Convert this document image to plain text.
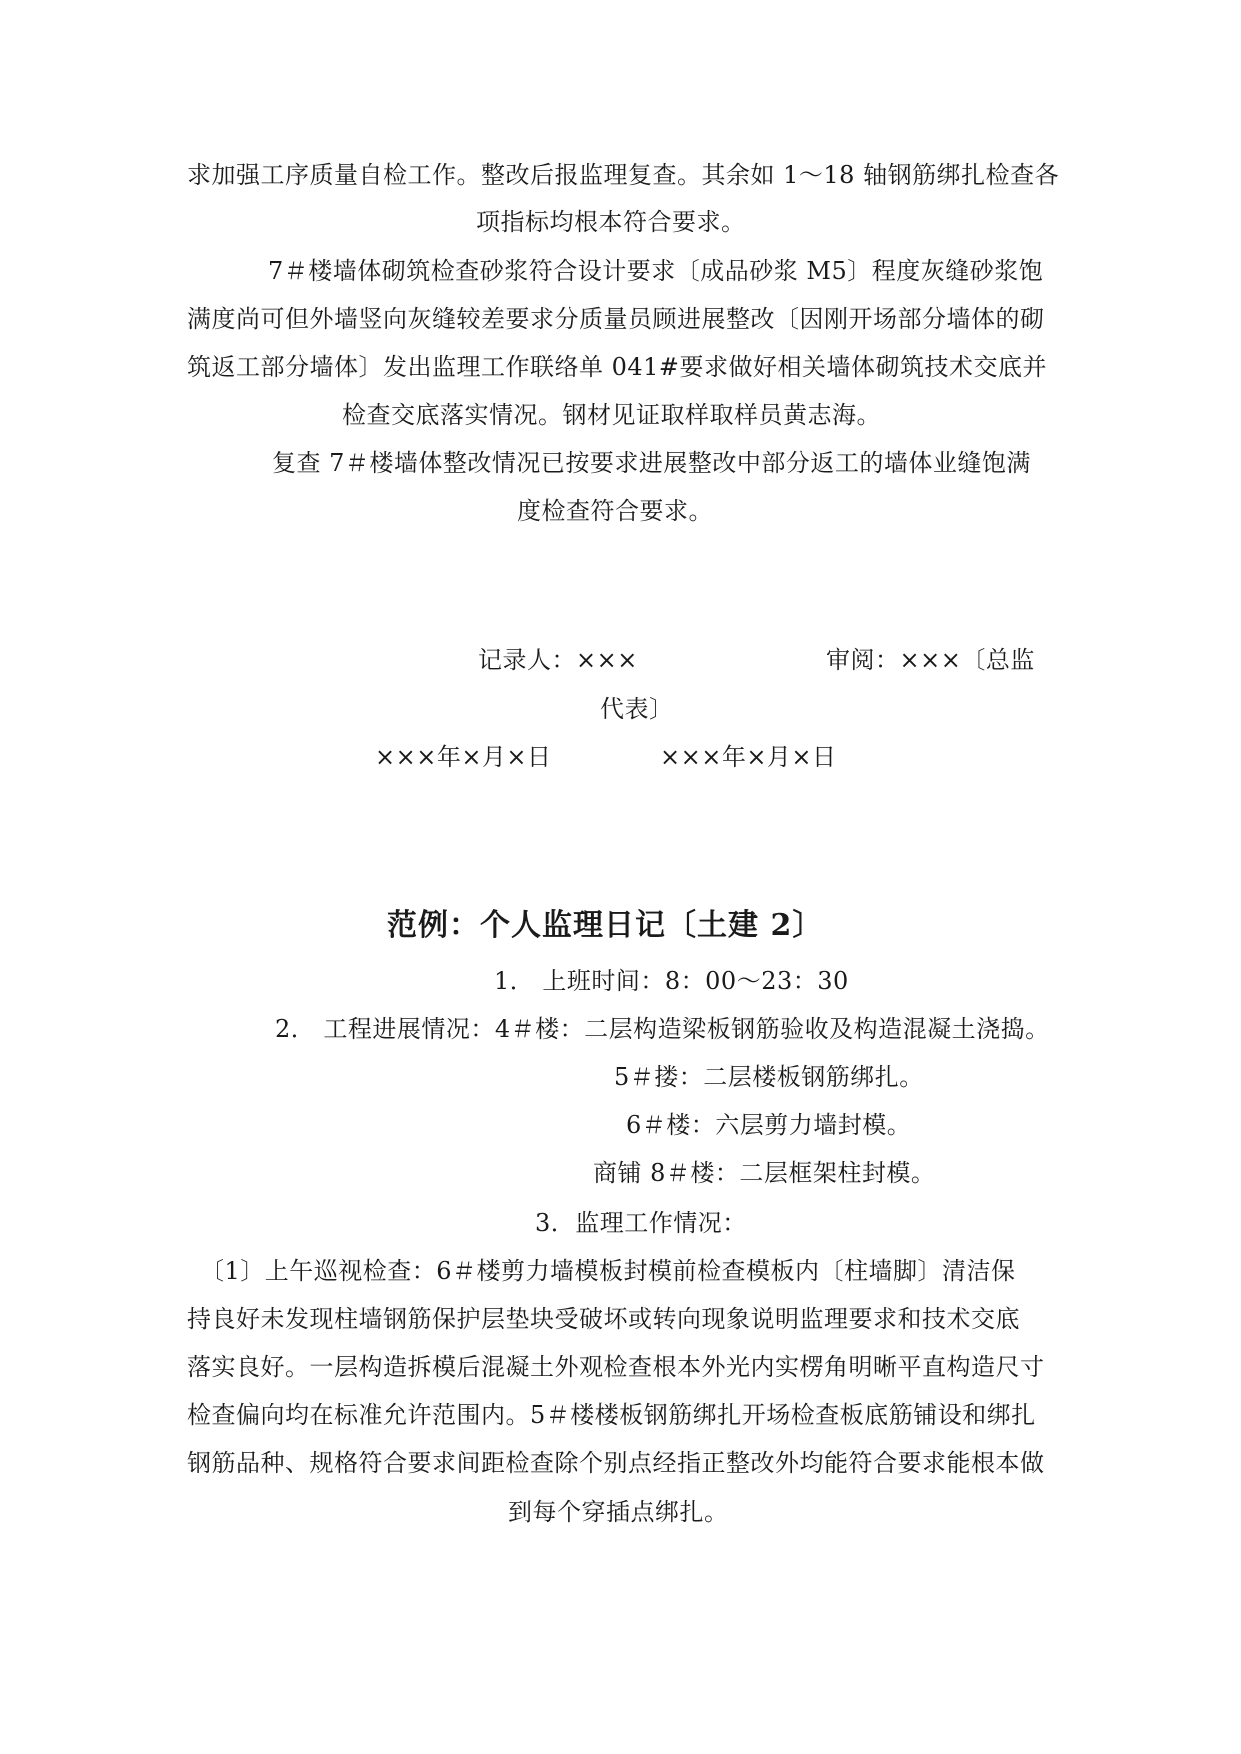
求加强工序质量自检工作。整改后报监理复查。其余如 1～18 轴钢筋绑扎检查各
项指标均根本符合要求。
7＃楼墙体砌筑检查砂浆符合设计要求〔成品砂浆 M5〕程度灰缝砂浆饱
满度尚可但外墙竖向灰缝较差要求分质量员顾进展整改〔因刚开场部分墙体的砌
筑返工部分墙体〕发出监理工作联络单 041#要求做好相关墙体砌筑技术交底并
检查交底落实情况。钢材见证取样取样员黄志海。
复查 7＃楼墙体整改情况已按要求进展整改中部分返工的墙体业缝饱满
度检查符合要求。
记录人：×××	审阅：×××〔总监
代表〕
×××年×月×日	×××年×月×日
范例：个人监理日记〔土建 2〕
1． 上班时间：8：00～23：30
2． 工程进展情况：4＃楼：二层构造梁板钢筋验收及构造混凝土浇捣。
5＃搂：二层楼板钢筋绑扎。
6＃楼：六层剪力墙封模。
商铺 8＃楼：二层框架柱封模。
3．监理工作情况：
〔1〕上午巡视检查：6＃楼剪力墙模板封模前检查模板内〔柱墙脚〕清洁保
持良好未发现柱墙钢筋保护层垫块受破坏或转向现象说明监理要求和技术交底
落实良好。一层构造拆模后混凝土外观检查根本外光内实楞角明晰平直构造尺寸
检查偏向均在标准允许范围内。5＃楼楼板钢筋绑扎开场检查板底筋铺设和绑扎
钢筋品种、规格符合要求间距检查除个别点经指正整改外均能符合要求能根本做
到每个穿插点绑扎。
